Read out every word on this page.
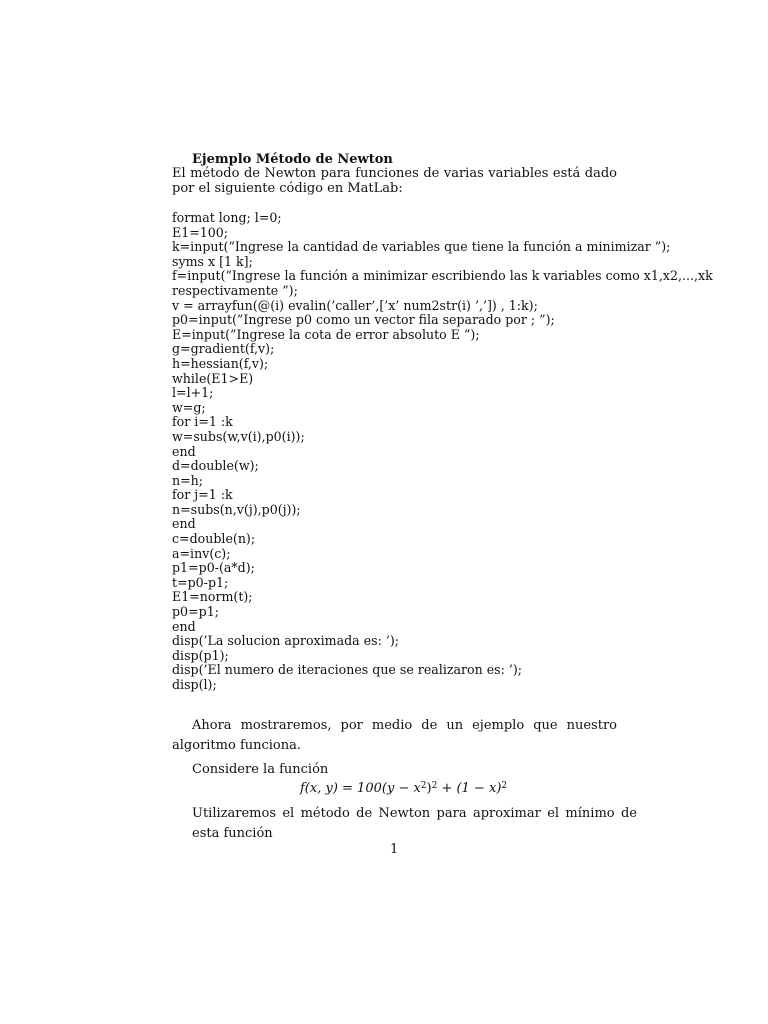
Ejemplo Método de Newton
El método de Newton para funciones de varias variables está dado por el siguiente código en MatLab:
format long; l=0;
E1=100;
k=input(”Ingrese la cantidad de variables que tiene la función a minimizar ”);
syms x [1 k];
f=input(”Ingrese la función a minimizar escribiendo las k variables como x1,x2,...,xk
respectivamente ”);
v = arrayfun(@(i) evalin(’caller’,[’x’ num2str(i) ’,’]) , 1:k);
p0=input(”Ingrese p0 como un vector fila separado por ; ”);
E=input(”Ingrese la cota de error absoluto E ”);
g=gradient(f,v);
h=hessian(f,v);
while(E1>E)
l=l+1;
w=g;
for i=1 :k
w=subs(w,v(i),p0(i));
end
d=double(w);
n=h;
for j=1 :k
n=subs(n,v(j),p0(j));
end
c=double(n);
a=inv(c);
p1=p0-(a*d);
t=p0-p1;
E1=norm(t);
p0=p1;
end
disp(’La solucion aproximada es: ’);
disp(p1);
disp(’El numero de iteraciones que se realizaron es: ’);
disp(l);
Ahora mostraremos, por medio de un ejemplo que nuestro algoritmo funciona.
Considere la función
f(x, $y) = 100(y - x^2)^2 + (1 - x)^2$
Utilizaremos el método de Newton para aproximar el mínimo de esta función
1
